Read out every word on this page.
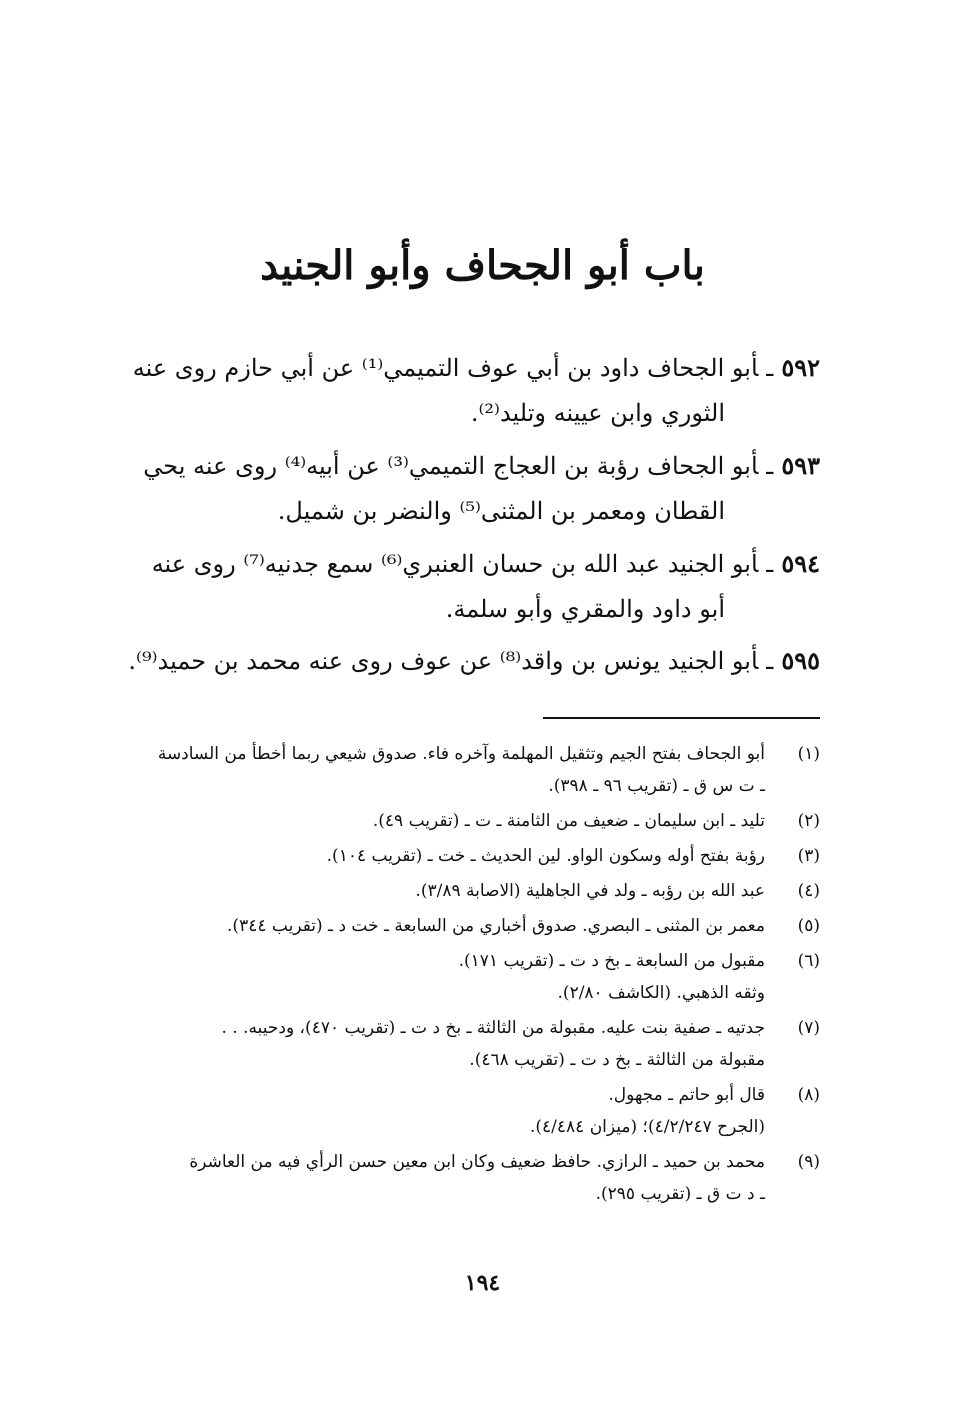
باب أبو الجحاف وأبو الجنيد
٥٩٢ـأبو الجحاف داود بن أبي عوف التميمي⁽¹⁾ عن أبي حازم روى عنه
الثوري وابن عيينه وتليد⁽²⁾.
٥٩٣ـأبو الجحاف رؤبة بن العجاج التميمي⁽³⁾ عن أبيه⁽⁴⁾ روى عنه يحي
القطان ومعمر بن المثنى⁽⁵⁾ والنضر بن شميل.
٥٩٤ـأبو الجنيد عبد الله بن حسان العنبري⁽⁶⁾ سمع جدنيه⁽⁷⁾ روى عنه
أبو داود والمقري وأبو سلمة.
٥٩٥ـأبو الجنيد يونس بن واقد⁽⁸⁾ عن عوف روى عنه محمد بن حميد⁽⁹⁾.
(١)
أبو الجحاف بفتح الجيم وتثقيل المهلمة وآخره فاء. صدوق شيعي ربما أخطأ من السادسة
ـ ت س ق ـ (تقريب ٩٦ ـ ٣٩٨).
(٢)
تليد ـ ابن سليمان ـ ضعيف من الثامنة ـ ت ـ (تقريب ٤٩).
(٣)
رؤبة بفتح أوله وسكون الواو. لين الحديث ـ خت ـ (تقريب ١٠٤).
(٤)
عبد الله بن رؤبه ـ ولد في الجاهلية (الاصابة ٣/٨٩).
(٥)
معمر بن المثنى ـ البصري. صدوق أخباري من السابعة ـ خت د ـ (تقريب ٣٤٤).
(٦)
مقبول من السابعة ـ بخ د ت ـ (تقريب ١٧١).
وثقه الذهبي. (الكاشف ٢/٨٠).
(٧)
جدتيه ـ صفية بنت عليه. مقبولة من الثالثة ـ بخ د ت ـ (تقريب ٤٧٠)، ودحيبه. . .
مقبولة من الثالثة ـ بخ د ت ـ (تقريب ٤٦٨).
(٨)
قال أبو حاتم ـ مجهول.
(الجرح ٤/٢/٢٤٧)؛ (ميزان ٤/٤٨٤).
(٩)
محمد بن حميد ـ الرازي. حافظ ضعيف وكان ابن معين حسن الرأي فيه من العاشرة
ـ د ت ق ـ (تقريب ٢٩٥).
١٩٤
